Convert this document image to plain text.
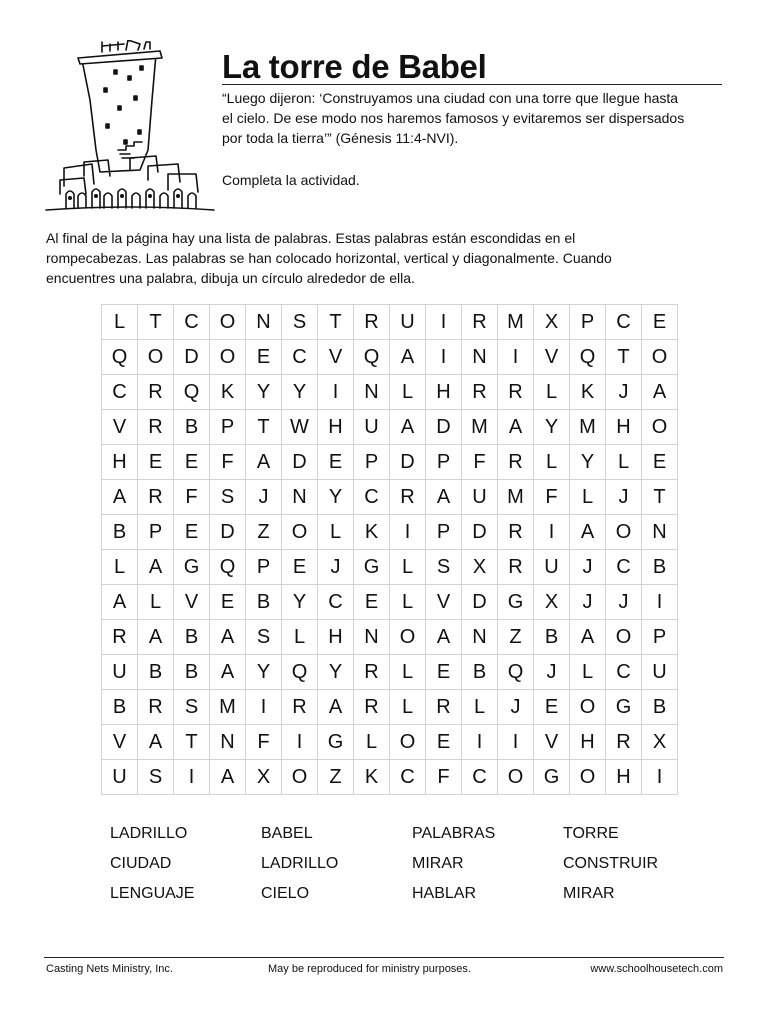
La torre de Babel
“Luego dijeron: ‘Construyamos una ciudad con una torre que llegue hasta
el cielo. De ese modo nos haremos famosos y evitaremos ser dispersados
por toda la tierra’” (Génesis 11:4-NVI).
Completa la actividad.
Al final de la página hay una lista de palabras. Estas palabras están escondidas en el
rompecabezas. Las palabras se han colocado horizontal, vertical y diagonalmente. Cuando
encuentres una palabra, dibuja un círculo alrededor de ella.
L	T	C	O	N	S	T	R	U	I	R	M	X	P	C	E
Q	O	D	O	E	C	V	Q	A	I	N	I	V	Q	T	O
C	R	Q	K	Y	Y	I	N	L	H	R	R	L	K	J	A
V	R	B	P	T	W	H	U	A	D	M	A	Y	M	H	O
H	E	E	F	A	D	E	P	D	P	F	R	L	Y	L	E
A	R	F	S	J	N	Y	C	R	A	U	M	F	L	J	T
B	P	E	D	Z	O	L	K	I	P	D	R	I	A	O	N
L	A	G	Q	P	E	J	G	L	S	X	R	U	J	C	B
A	L	V	E	B	Y	C	E	L	V	D	G	X	J	J	I
R	A	B	A	S	L	H	N	O	A	N	Z	B	A	O	P
U	B	B	A	Y	Q	Y	R	L	E	B	Q	J	L	C	U
B	R	S	M	I	R	A	R	L	R	L	J	E	O	G	B
V	A	T	N	F	I	G	L	O	E	I	I	V	H	R	X
U	S	I	A	X	O	Z	K	C	F	C	O	G	O	H	I
LADRILLO	BABEL	PALABRAS	TORRE
CIUDAD	LADRILLO	MIRAR	CONSTRUIR
LENGUAJE	CIELO	HABLAR	MIRAR
Casting Nets Ministry, Inc.	May be reproduced for ministry purposes.	www.schoolhousetech.com
